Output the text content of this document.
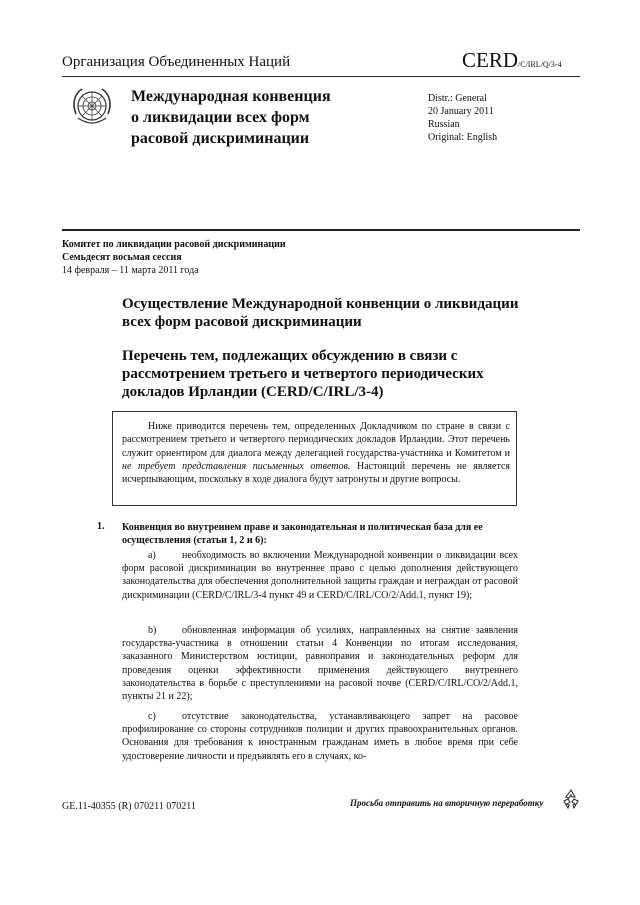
Организация Объединенных Наций	CERD/C/IRL/Q/3-4
Международная конвенция
о ликвидации всех форм
расовой дискриминации
Distr.: General
20 January 2011
Russian
Original: English
Комитет по ликвидации расовой дискриминации
Семьдесят восьмая сессия
14 февраля – 11 марта 2011 года
Осуществление Международной конвенции о ликвидации всех форм расовой дискриминации
Перечень тем, подлежащих обсуждению в связи с рассмотрением третьего и четвертого периодических докладов Ирландии (CERD/C/IRL/3-4)
Ниже приводится перечень тем, определенных Докладчиком по стране в связи с рассмотрением третьего и четвертого периодических докладов Ирландии. Этот перечень служит ориентиром для диалога между делегацией государства-участника и Комитетом и не требует представления письменных ответов. Настоящий перечень не является исчерпывающим, поскольку в ходе диалога будут затронуты и другие вопросы.
1. Конвенция во внутреннем праве и законодательная и политическая база для ее осуществления (статьи 1, 2 и 6):
a)	необходимость во включении Международной конвенции о ликвидации всех форм расовой дискриминации во внутреннее право с целью дополнения действующего законодательства для обеспечения дополнительной защиты граждан и неграждан от расовой дискриминации (CERD/C/IRL/3-4 пункт 49 и CERD/C/IRL/CO/2/Add.1, пункт 19);
b)	обновленная информация об усилиях, направленных на снятие заявления государства-участника в отношении статьи 4 Конвенции по итогам исследования, заказанного Министерством юстиции, равноправия и законодательных реформ для проведения оценки эффективности применения действующего внутреннего законодательства в борьбе с преступлениями на расовой почве (CERD/C/IRL/CO/2/Add.1, пункты 21 и 22);
c)	отсутствие законодательства, устанавливающего запрет на расовое профилирование со стороны сотрудников полиции и других правоохранительных органов. Основания для требования к иностранным гражданам иметь в любое время при себе удостоверение личности и предъявлять его в случаях, ко-
GE.11-40355 (R) 070211 070211	Просьба отправить на вторичную переработку
